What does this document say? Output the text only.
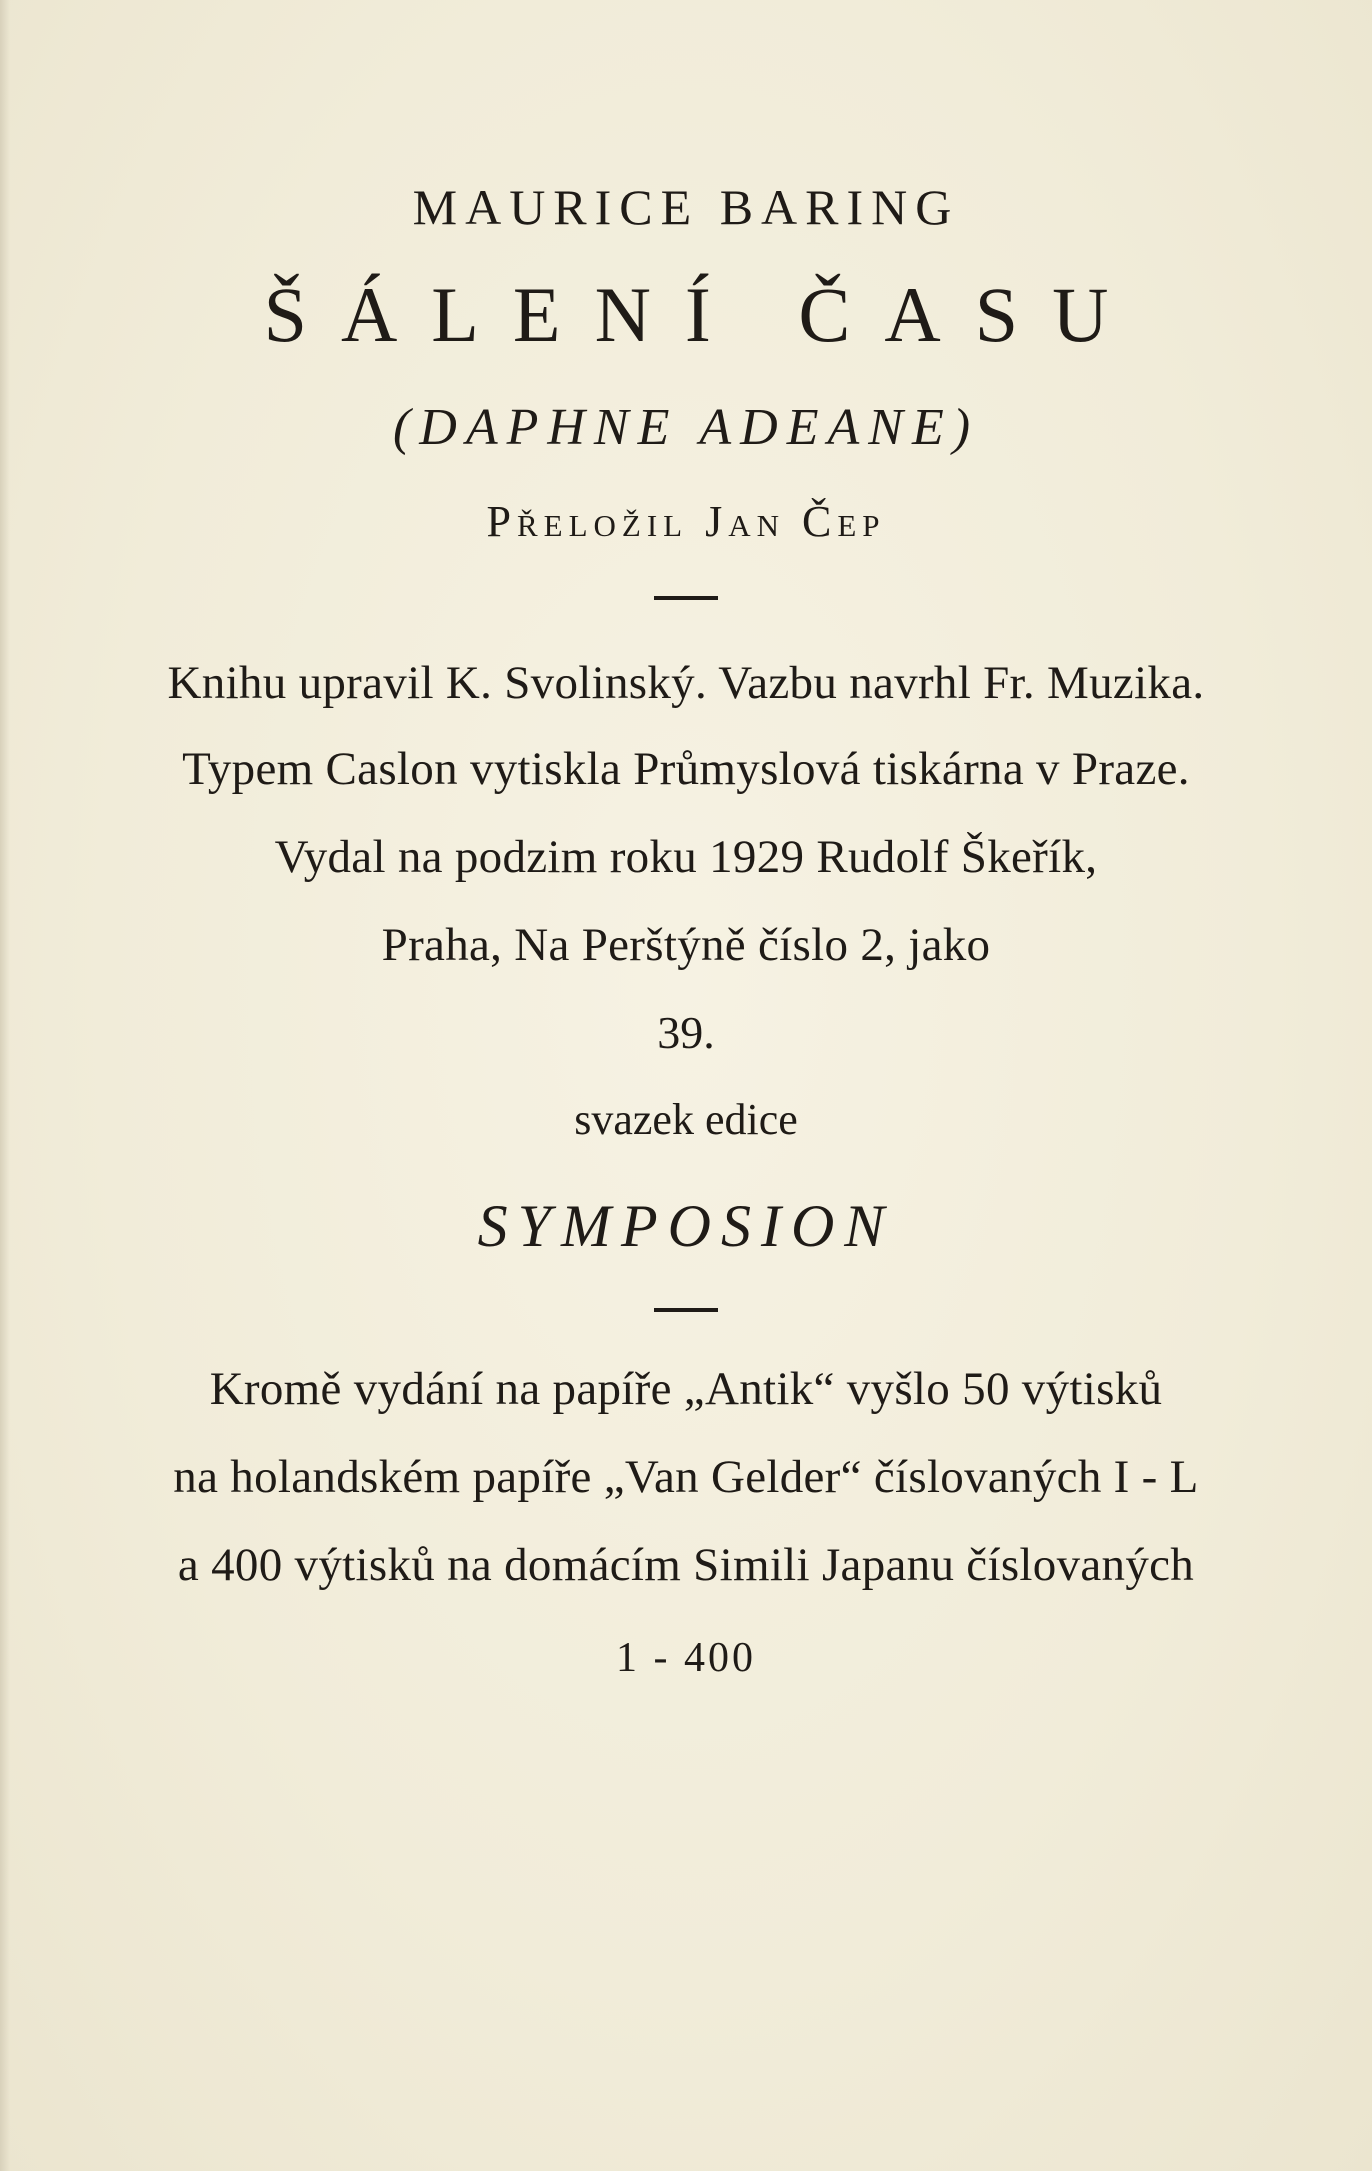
MAURICE BARING
ŠÁLENÍ ČASU
(DAPHNE ADEANE)
Přeložil Jan Čep
Knihu upravil K. Svolinský. Vazbu navrhl Fr. Muzika.
Typem Caslon vytiskla Průmyslová tiskárna v Praze.
Vydal na podzim roku 1929 Rudolf Škeřík,
Praha, Na Perštýně číslo 2, jako
39.
svazek edice
SYMPOSION
Kromě vydání na papíře „Antik“ vyšlo 50 výtisků
na holandském papíře „Van Gelder“ číslovaných I - L
a 400 výtisků na domácím Simili Japanu číslovaných
1 - 400
